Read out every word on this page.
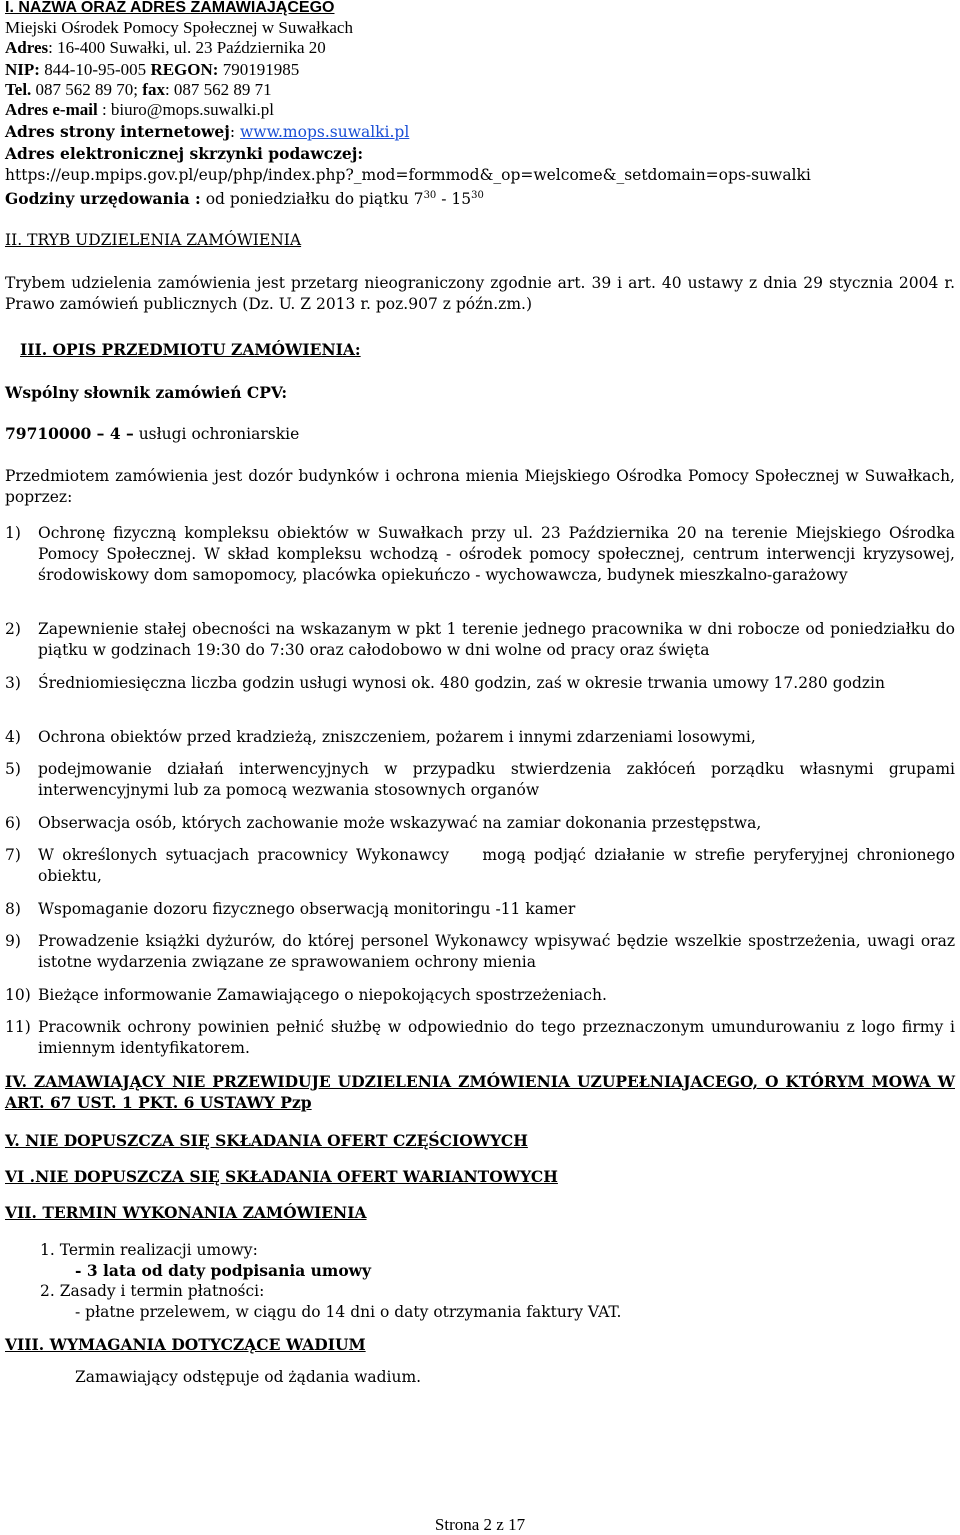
I. NAZWA ORAZ ADRES ZAMAWIAJĄCEGO
Miejski Ośrodek Pomocy Społecznej w Suwałkach
Adres: 16-400 Suwałki, ul. 23 Października 20
NIP: 844-10-95-005 REGON: 790191985
Tel. 087 562 89 70; fax: 087 562 89 71
Adres e-mail : biuro@mops.suwalki.pl
Adres strony internetowej: www.mops.suwalki.pl
Adres elektronicznej skrzynki podawczej:
https://eup.mpips.gov.pl/eup/php/index.php?_mod=formmod&_op=welcome&_setdomain=ops-suwalki
Godziny urzędowania : od poniedziałku do piątku $7^{30} - 15^{30}$
II. TRYB UDZIELENIA ZAMÓWIENIA
Trybem udzielenia zamówienia jest przetarg nieograniczony zgodnie art. 39 i art. 40 ustawy z dnia 29 stycznia 2004 r. Prawo zamówień publicznych (Dz. U. Z 2013 r. poz.907 z późn.zm.)
III. OPIS PRZEDMIOTU ZAMÓWIENIA:
Wspólny słownik zamówień CPV:
79710000 – 4 – usługi ochroniarskie
Przedmiotem zamówienia jest dozór budynków i ochrona mienia Miejskiego Ośrodka Pomocy Społecznej w Suwałkach, poprzez:
1) Ochronę fizyczną kompleksu obiektów w Suwałkach przy ul. 23 Października 20 na terenie Miejskiego Ośrodka Pomocy Społecznej. W skład kompleksu wchodzą - ośrodek pomocy społecznej, centrum interwencji kryzysowej, środowiskowy dom samopomocy, placówka opiekuńczo - wychowawcza, budynek mieszkalno-garażowy
2) Zapewnienie stałej obecności na wskazanym w pkt 1 terenie jednego pracownika w dni robocze od poniedziałku do piątku w godzinach 19:30 do 7:30 oraz całodobowo w dni wolne od pracy oraz święta
3) Średniomiesięczna liczba godzin usługi wynosi ok. 480 godzin, zaś w okresie trwania umowy 17.280 godzin
4) Ochrona obiektów przed kradzieżą, zniszczeniem, pożarem i innymi zdarzeniami losowymi,
5) podejmowanie działań interwencyjnych w przypadku stwierdzenia zakłóceń porządku własnymi grupami interwencyjnymi lub za pomocą wezwania stosownych organów
6) Obserwacja osób, których zachowanie może wskazywać na zamiar dokonania przestępstwa,
7) W określonych sytuacjach pracownicy Wykonawcy    mogą podjąć działanie w strefie peryferyjnej chronionego obiektu,
8) Wspomaganie dozoru fizycznego obserwacją monitoringu -11 kamer
9) Prowadzenie książki dyżurów, do której personel Wykonawcy wpisywać będzie wszelkie spostrzeżenia, uwagi oraz istotne wydarzenia związane ze sprawowaniem ochrony mienia
10) Bieżące informowanie Zamawiającego o niepokojących spostrzeżeniach.
11) Pracownik ochrony powinien pełnić służbę w odpowiednio do tego przeznaczonym umundurowaniu z logo firmy i imiennym identyfikatorem.
IV. ZAMAWIAJĄCY NIE PRZEWIDUJE UDZIELENIA ZMÓWIENIA UZUPEŁNIAJACEGO, O KTÓRYM MOWA W ART. 67 UST. 1 PKT. 6 USTAWY Pzp
V. NIE DOPUSZCZA SIĘ SKŁADANIA OFERT CZĘŚCIOWYCH
VI .NIE DOPUSZCZA SIĘ SKŁADANIA OFERT WARIANTOWYCH
VII. TERMIN WYKONANIA ZAMÓWIENIA
1. Termin realizacji umowy:
- 3 lata od daty podpisania umowy
2. Zasady i termin płatności:
- płatne przelewem, w ciągu do 14 dni o daty otrzymania faktury VAT.
VIII. WYMAGANIA DOTYCZĄCE WADIUM
Zamawiający odstępuje od żądania wadium.
Strona 2 z 17
